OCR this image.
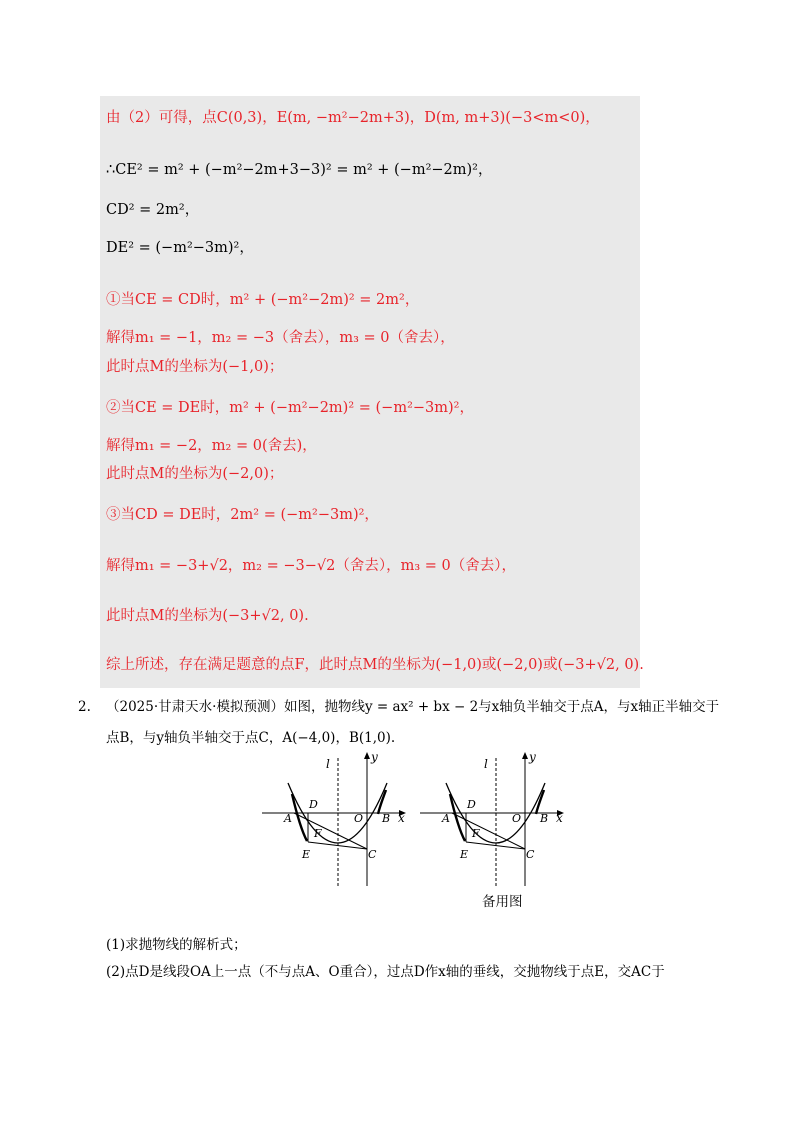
由（2）可得，点C(0,3)，E(m, −m²−2m+3)，D(m, m+3)(−3<m<0)，
∴CE² = m² + (−m²−2m+3−3)² = m² + (−m²−2m)²，
CD² = 2m²，
DE² = (−m²−3m)²，
①当CE = CD时，m² + (−m²−2m)² = 2m²，
解得m₁ = −1，m₂ = −3（舍去），m₃ = 0（舍去），
此时点M的坐标为(−1,0)；
②当CE = DE时，m² + (−m²−2m)² = (−m²−3m)²，
解得m₁ = −2，m₂ = 0(舍去)，
此时点M的坐标为(−2,0)；
③当CD = DE时，2m² = (−m²−3m)²，
解得m₁ = −3+√2，m₂ = −3−√2（舍去），m₃ = 0（舍去），
此时点M的坐标为(−3+√2, 0).
综上所述，存在满足题意的点F，此时点M的坐标为(−1,0)或(−2,0)或(−3+√2, 0).
2. （2025·甘肃天水·模拟预测）如图，抛物线y = ax² + bx − 2与x轴负半轴交于点A，与x轴正半轴交于
点B，与y轴负半轴交于点C，A(−4,0)，B(1,0).
l	y
x
D
A	O B
F
E	C
l	y
x
D
A	O B
F
E	C
备用图
(1)求抛物线的解析式；
(2)点D是线段OA上一点（不与点A、O重合），过点D作x轴的垂线，交抛物线于点E，交AC于
